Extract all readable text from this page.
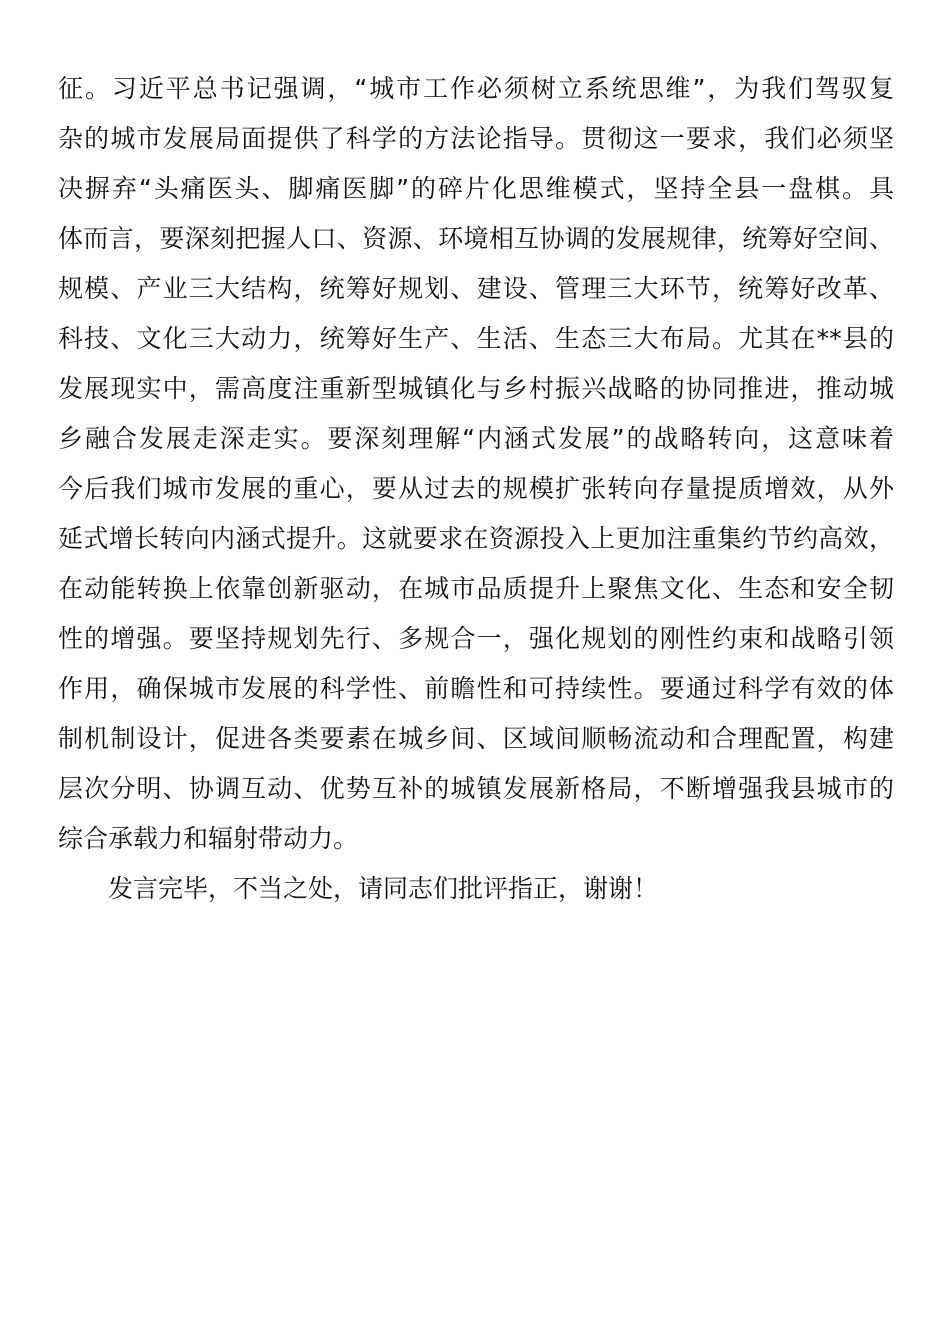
征。习近平总书记强调，“城市工作必须树立系统思维”，为我们驾驭复
杂的城市发展局面提供了科学的方法论指导。贯彻这一要求，我们必须坚
决摒弃“头痛医头、脚痛医脚”的碎片化思维模式，坚持全县一盘棋。具
体而言，要深刻把握人口、资源、环境相互协调的发展规律，统筹好空间、
规模、产业三大结构，统筹好规划、建设、管理三大环节，统筹好改革、
科技、文化三大动力，统筹好生产、生活、生态三大布局。尤其在**县的
发展现实中，需高度注重新型城镇化与乡村振兴战略的协同推进，推动城
乡融合发展走深走实。要深刻理解“内涵式发展”的战略转向，这意味着
今后我们城市发展的重心，要从过去的规模扩张转向存量提质增效，从外
延式增长转向内涵式提升。这就要求在资源投入上更加注重集约节约高效，
在动能转换上依靠创新驱动，在城市品质提升上聚焦文化、生态和安全韧
性的增强。要坚持规划先行、多规合一，强化规划的刚性约束和战略引领
作用，确保城市发展的科学性、前瞻性和可持续性。要通过科学有效的体
制机制设计，促进各类要素在城乡间、区域间顺畅流动和合理配置，构建
层次分明、协调互动、优势互补的城镇发展新格局，不断增强我县城市的
综合承载力和辐射带动力。
发言完毕，不当之处，请同志们批评指正，谢谢！
